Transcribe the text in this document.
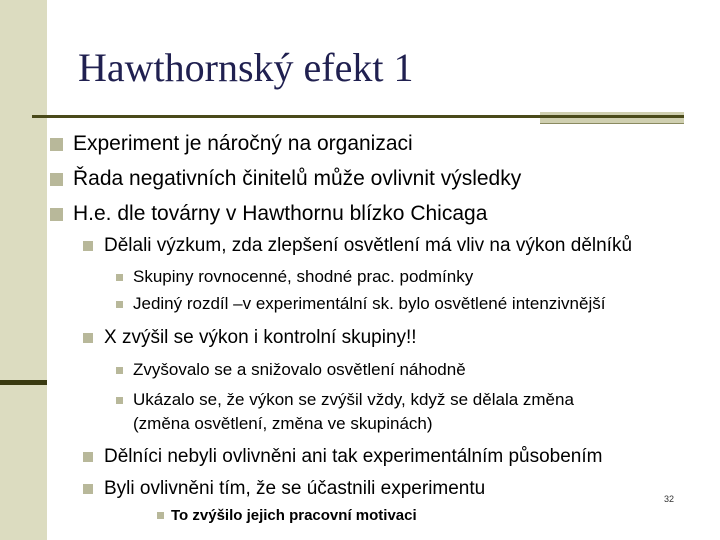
Hawthornský efekt 1
Experiment je náročný na organizaci
Řada negativních činitelů může ovlivnit výsledky
H.e. dle továrny v Hawthornu blízko Chicaga
Dělali výzkum, zda zlepšení osvětlení má vliv na výkon dělníků
Skupiny rovnocenné, shodné prac. podmínky
Jediný rozdíl –v experimentální sk. bylo osvětlené intenzivnější
X zvýšil se výkon i kontrolní skupiny!!
Zvyšovalo se a snižovalo osvětlení náhodně
Ukázalo se, že výkon se zvýšil vždy, když se dělala změna
(změna osvětlení, změna ve skupinách)
Dělníci nebyli ovlivněni ani tak experimentálním působením
Byli ovlivněni tím, že se účastnili experimentu	32
To zvýšilo jejich pracovní motivaci
